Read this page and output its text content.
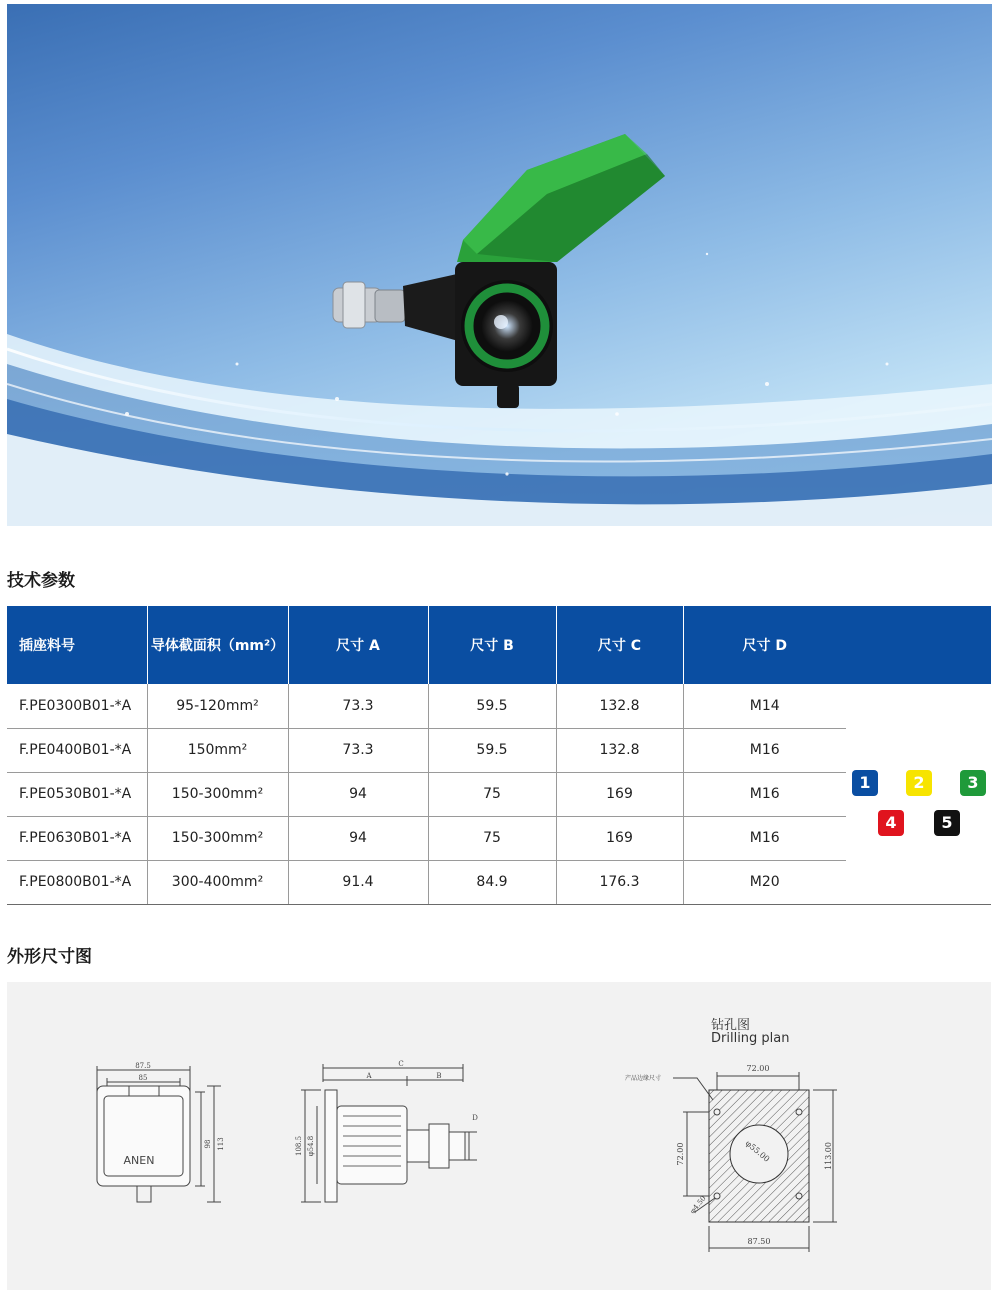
技术参数
插座料号	导体截面积（mm²）	尺寸 A	尺寸 B	尺寸 C	尺寸 D	
F.PE0300B01-*A	95-120mm²	73.3	59.5	132.8	M14	
F.PE0400B01-*A	150mm²	73.3	59.5	132.8	M16	
F.PE0530B01-*A	150-300mm²	94	75	169	M16	
F.PE0630B01-*A	150-300mm²	94	75	169	M16	
F.PE0800B01-*A	300-400mm²	91.4	84.9	176.3	M20	
1	2	3
4	5
外形尺寸图
87.5
85
ANEN
98 113
C
A	B
D
108.5 φ54.8
产品边缘尺寸
72.00
72.00	113.00
87.50
φ4.50
φ55.00
钻孔图
Drilling plan
